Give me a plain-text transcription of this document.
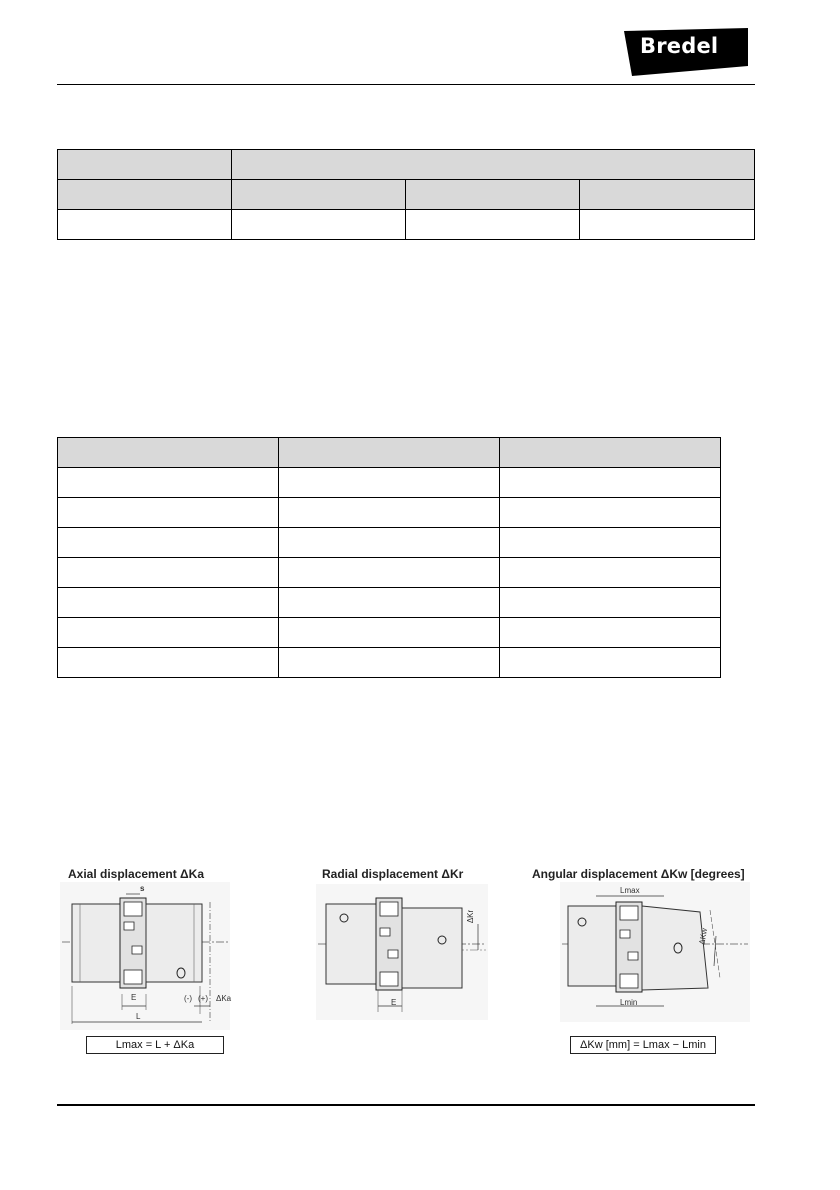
Bredel

Axial displacement ΔKa
s
E
L
(-) (+) ΔKa
Lmax = L + ΔKa
Radial displacement ΔKr
ΔKr
E
Angular displacement ΔKw [degrees]
Lmax
Lmin
ΔKw
ΔKw [mm] = Lmax − Lmin
